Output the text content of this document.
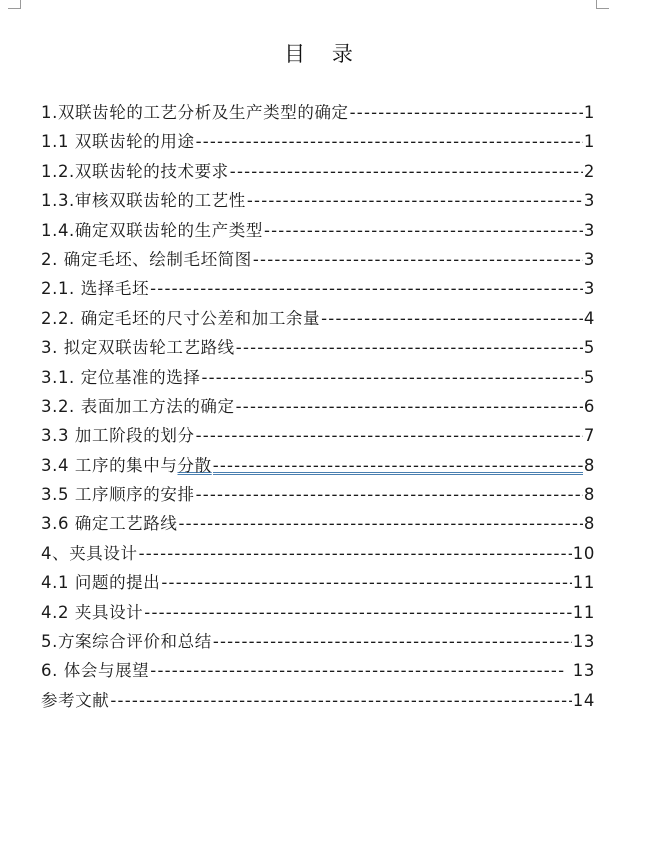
目 录
1.双联齿轮的工艺分析及生产类型的确定 -----	1
1.1 双联齿轮的用途 -----	1
1.2.双联齿轮的技术要求 -----	2
1.3.审核双联齿轮的工艺性 -----	3
1.4.确定双联齿轮的生产类型 -----	3
2. 确定毛坯、绘制毛坯简图 -----	3
2.1. 选择毛坯 -----	3
2.2. 确定毛坯的尺寸公差和加工余量 -----	4
3. 拟定双联齿轮工艺路线 -----	5
3.1. 定位基准的选择 -----	5
3.2. 表面加工方法的确定 -----	6
3.3 加工阶段的划分 -----	7
3.4 工序的集中与分散 -----	8
3.5 工序顺序的安排 -----	8
3.6 确定工艺路线 -----	8
4、夹具设计 -----	10
4.1 问题的提出 -----	11
4.2 夹具设计 -----	11
5.方案综合评价和总结 -----	13
6. 体会与展望 -----	13
参考文献 -----	14
